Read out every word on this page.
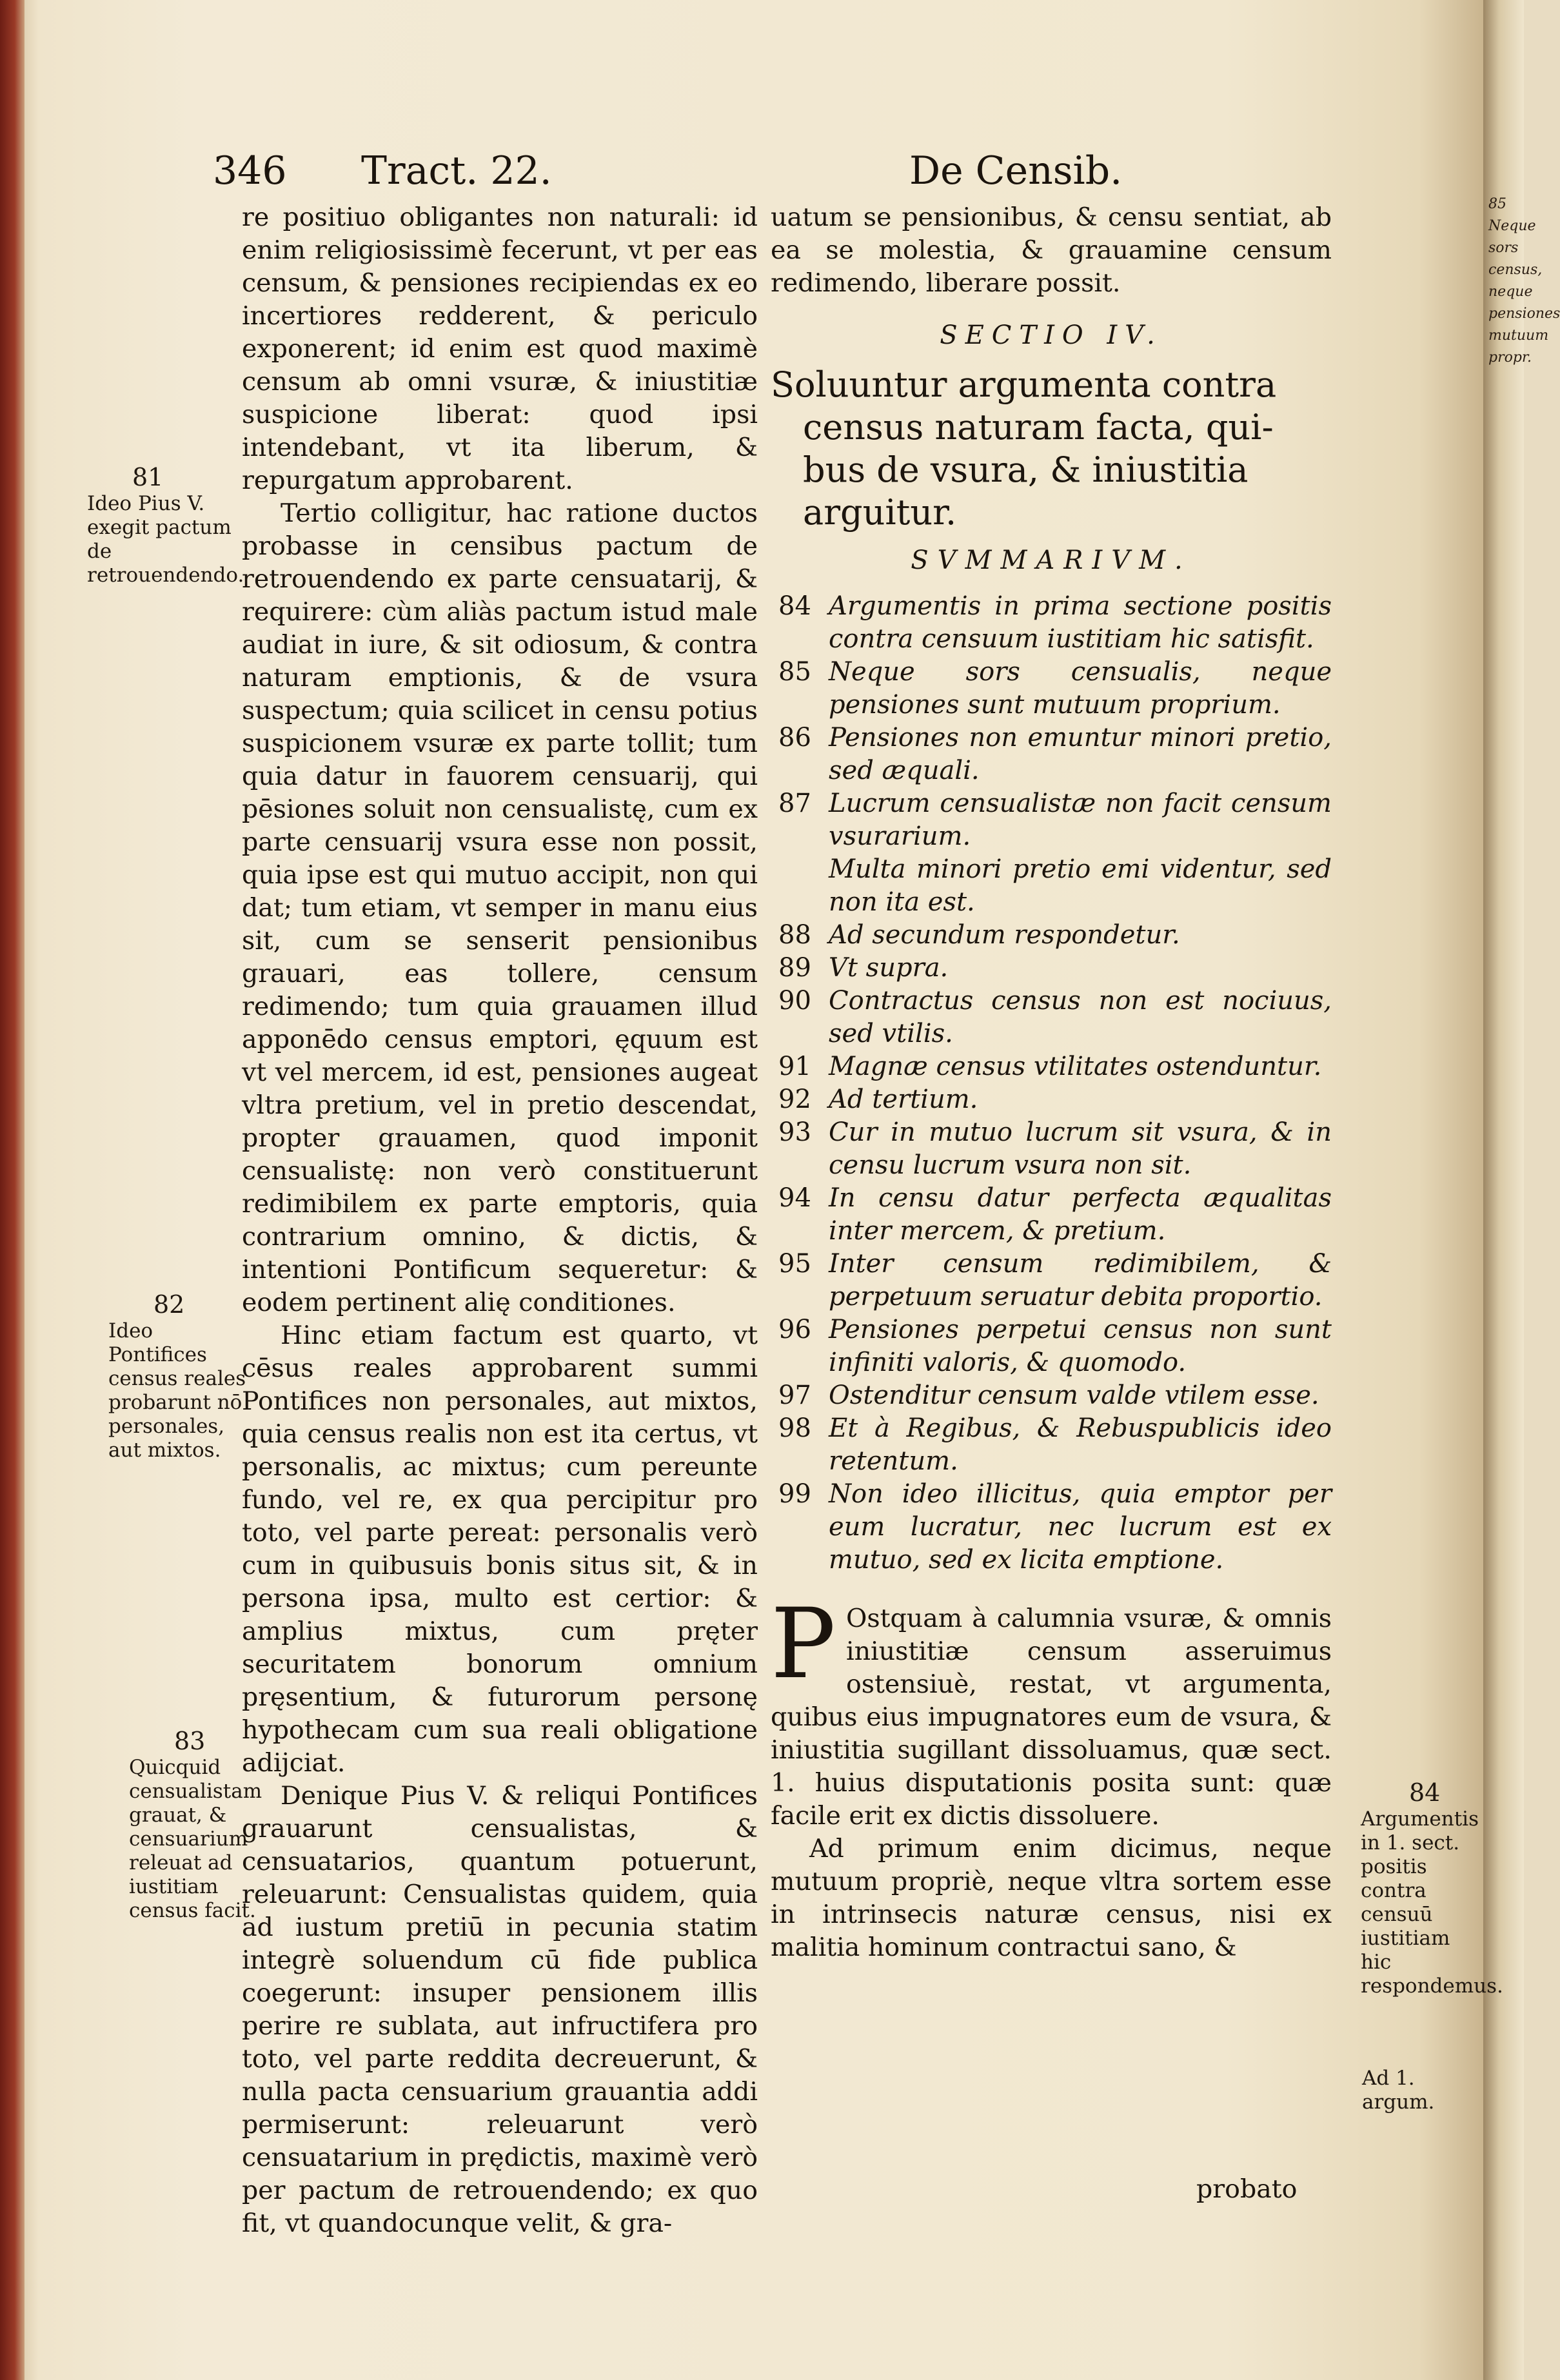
85 Neque sors census, neque pensiones mutuum propr.
346 Tract. 22.	De Censib.
81
Ideo Pius V. exegit pactum de retrouendendo.
82
Ideo Pontifices census reales probarunt nō personales, aut mixtos.
83
Quicquid censualistam grauat, & censuarium releuat ad iustitiam census facit.
84
Argumentis in 1. sect. positis contra censuū iustitiam hic respondemus.
Ad 1. argum.

re positiuo obligantes non naturali: id enim religiosissimè fecerunt, vt per eas censum, & pensiones recipiendas ex eo incertiores redderent, & periculo exponerent; id enim est quod maximè censum ab omni vsuræ, & iniustitiæ suspicione liberat: quod ipsi intendebant, vt ita liberum, & repurgatum approbarent.

Tertio colligitur, hac ratione ductos probasse in censibus pactum de retrouendendo ex parte censuatarij, & requirere: cùm aliàs pactum istud male audiat in iure, & sit odiosum, & contra naturam emptionis, & de vsura suspectum; quia scilicet in censu potius suspicionem vsuræ ex parte tollit; tum quia datur in fauorem censuarij, qui pēsiones soluit non censualistę, cum ex parte censuarij vsura esse non possit, quia ipse est qui mutuo accipit, non qui dat; tum etiam, vt semper in manu eius sit, cum se senserit pensionibus grauari, eas tollere, censum redimendo; tum quia grauamen illud apponēdo census emptori, ęquum est vt vel mercem, id est, pensiones augeat vltra pretium, vel in pretio descendat, propter grauamen, quod imponit censualistę: non verò constituerunt redimibilem ex parte emptoris, quia contrarium omnino, & dictis, & intentioni Pontificum sequeretur: & eodem pertinent alię conditiones.

Hinc etiam factum est quarto, vt cēsus reales approbarent summi Pontifices non personales, aut mixtos, quia census realis non est ita certus, vt personalis, ac mixtus; cum pereunte fundo, vel re, ex qua percipitur pro toto, vel parte pereat: personalis verò cum in quibusuis bonis situs sit, & in persona ipsa, multo est certior: & amplius mixtus, cum pręter securitatem bonorum omnium pręsentium, & futurorum personę hypothecam cum sua reali obligatione adijciat.

Denique Pius V. & reliqui Pontifices grauarunt censualistas, & censuatarios, quantum potuerunt, releuarunt: Censualistas quidem, quia ad iustum pretiū in pecunia statim integrè soluendum cū fide publica coegerunt: insuper pensionem illis perire re sublata, aut infructifera pro toto, vel parte reddita decreuerunt, & nulla pacta censuarium grauantia addi permiserunt: releuarunt verò censuatarium in prędictis, maximè verò per pactum de retrouendendo; ex quo fit, vt quandocunque velit, & gra-

uatum se pensionibus, & censu sentiat, ab ea se molestia, & grauamine censum redimendo, liberare possit.

SECTIO IV.

Soluuntur argumenta contra
census naturam facta, qui-
bus de vsura, & iniustitia arguitur.

SVMMARIVM.

84 Argumentis in prima sectione positis contra censuum iustitiam hic satisfit.
85 Neque sors censualis, neque pensiones sunt mutuum proprium.
86 Pensiones non emuntur minori pretio, sed æquali.
87 Lucrum censualistæ non facit censum vsurarium.
Multa minori pretio emi videntur, sed non ita est.
88 Ad secundum respondetur.
89 Vt supra.
90 Contractus census non est nociuus, sed vtilis.
91 Magnæ census vtilitates ostenduntur.
92 Ad tertium.
93 Cur in mutuo lucrum sit vsura, & in censu lucrum vsura non sit.
94 In censu datur perfecta æqualitas inter mercem, & pretium.
95 Inter censum redimibilem, & perpetuum seruatur debita proportio.
96 Pensiones perpetui census non sunt infiniti valoris, & quomodo.
97 Ostenditur censum valde vtilem esse.
98 Et à Regibus, & Rebuspublicis ideo retentum.
99 Non ideo illicitus, quia emptor per eum lucratur, nec lucrum est ex mutuo, sed ex licita emptione.

P Ostquam à calumnia vsuræ, & omnis iniustitiæ censum asseruimus ostensiuè, restat, vt argumenta, quibus eius impugnatores eum de vsura, & iniustitia sugillant dissoluamus, quæ sect. 1. huius disputationis posita sunt: quæ facile erit ex dictis dissoluere.

Ad primum enim dicimus, neque mutuum propriè, neque vltra sortem esse in intrinsecis naturæ census, nisi ex malitia hominum contractui sano, &

probato
